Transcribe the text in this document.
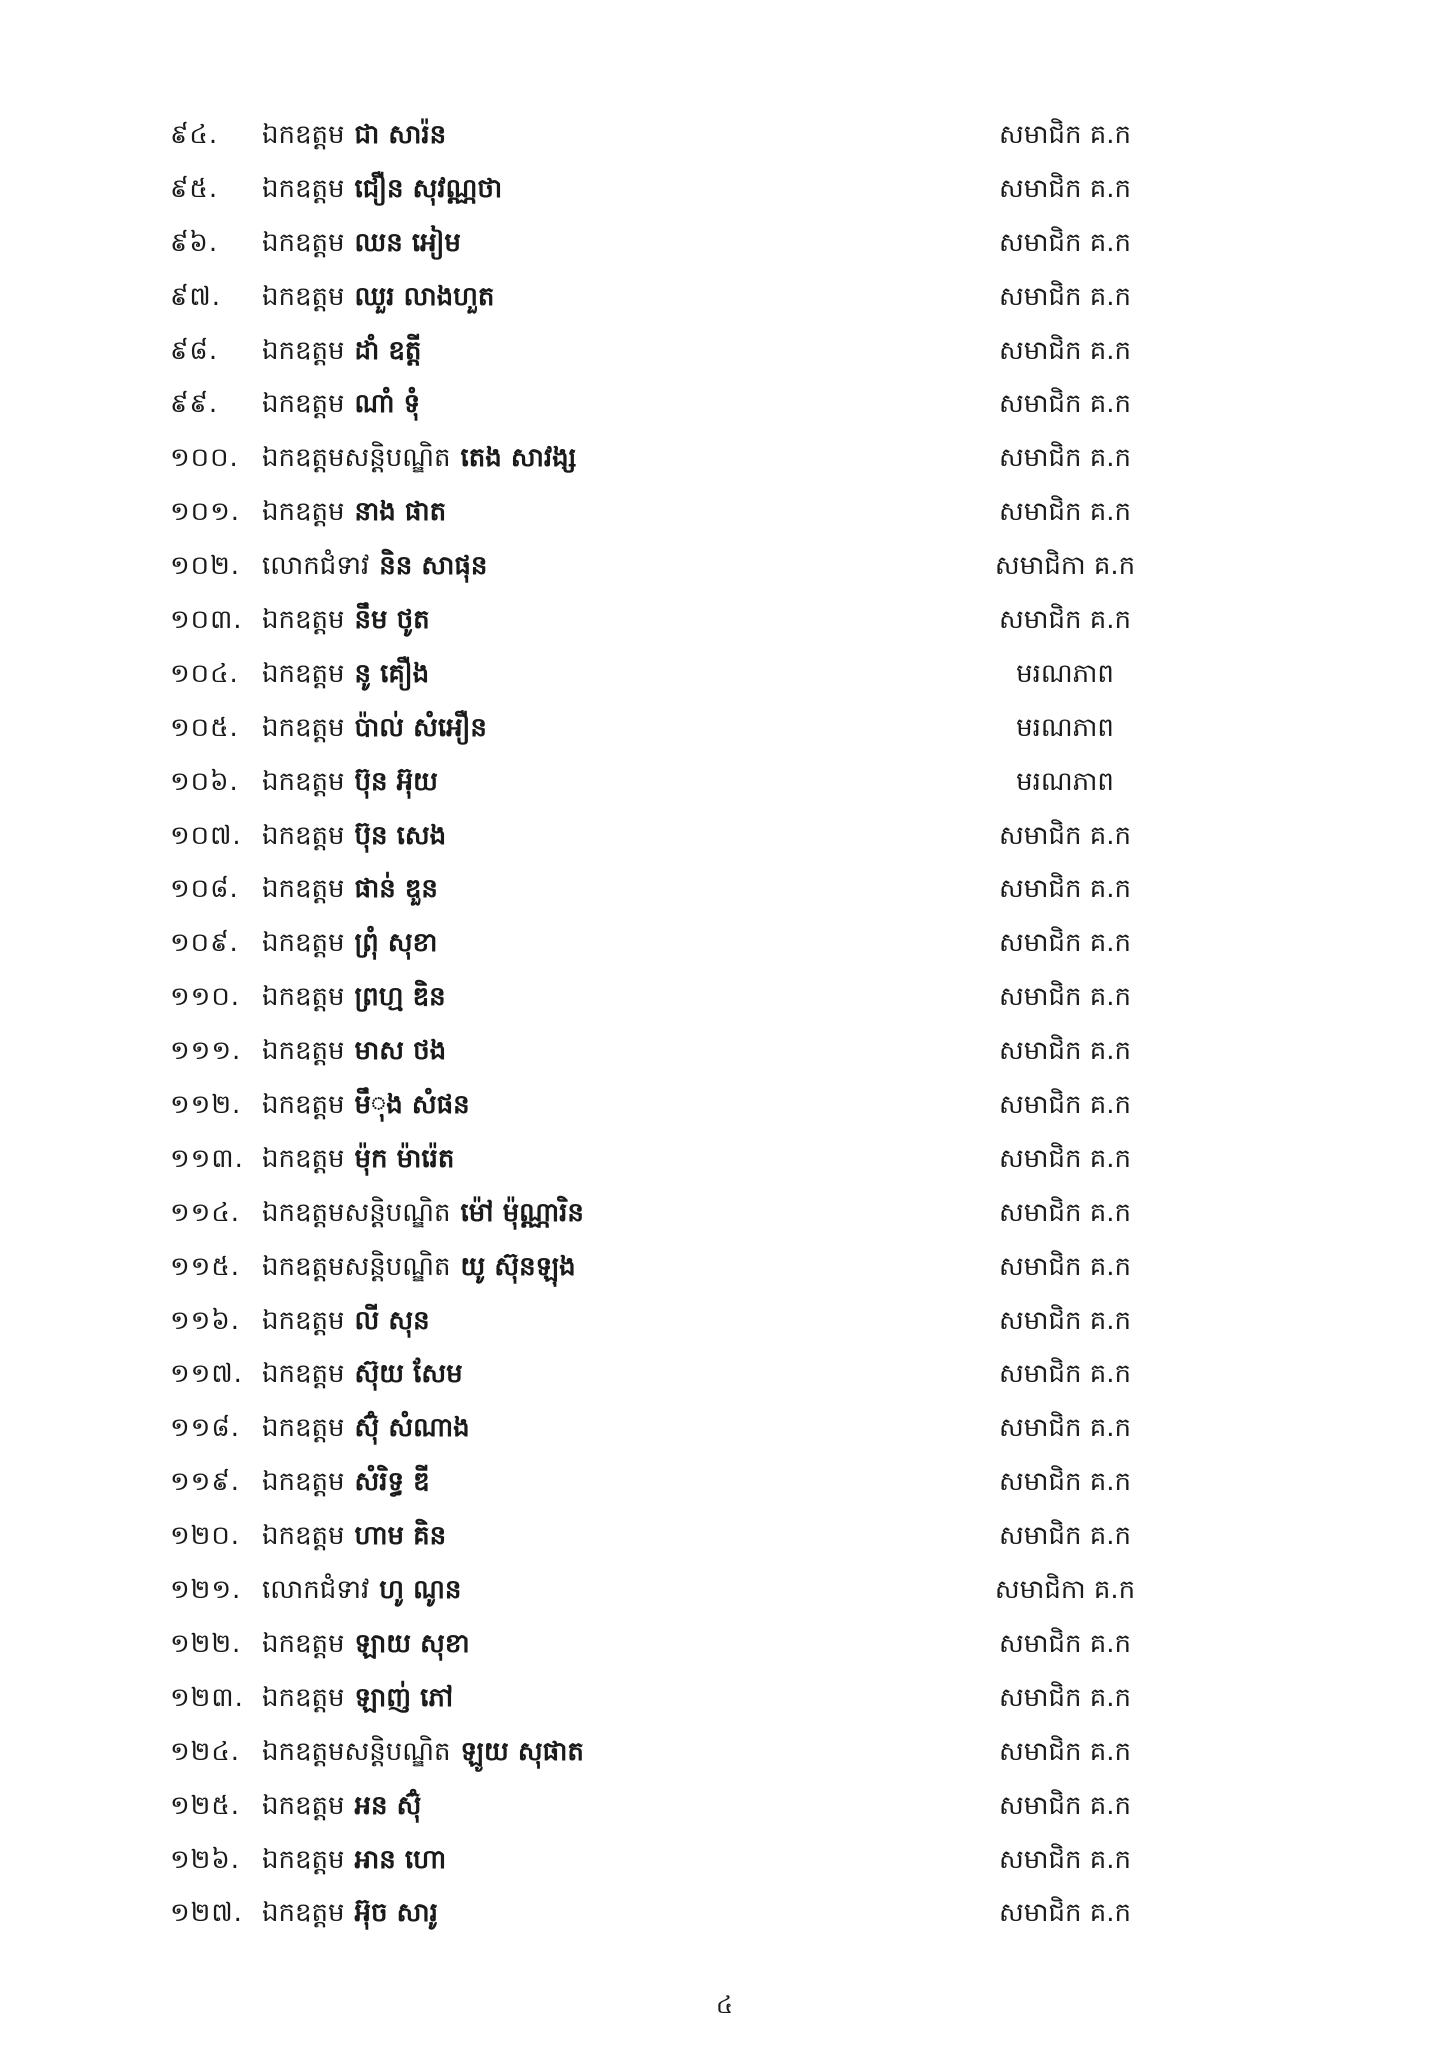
៩៤. ឯកឧត្តម ជា សារ៉ន	សមាជិក គ.ក
៩៥. ឯកឧត្តម ជឿន សុវណ្ណថា	សមាជិក គ.ក
៩៦. ឯកឧត្តម ឈន អៀម	សមាជិក គ.ក
៩៧. ឯកឧត្តម ឈួរ លាងហួត	សមាជិក គ.ក
៩៨. ឯកឧត្តម ដាំ ឧត្តី	សមាជិក គ.ក
៩៩. ឯកឧត្តម ណាំ ទុំ	សមាជិក គ.ក
១០០. ឯកឧត្តមសន្តិបណ្ឌិត តេង សាវង្ស	សមាជិក គ.ក
១០១. ឯកឧត្តម នាង ផាត	សមាជិក គ.ក
១០២. លោកជំទាវ និន សាផុន	សមាជិកា គ.ក
១០៣. ឯកឧត្តម នឹម ថូត	សមាជិក គ.ក
១០៤. ឯកឧត្តម នូ គឿង	មរណភាព
១០៥. ឯកឧត្តម ប៉ាល់ សំអឿន	មរណភាព
១០៦. ឯកឧត្តម ប៊ុន អ៊ុយ	មរណភាព
១០៧. ឯកឧត្តម ប៊ុន សេង	សមាជិក គ.ក
១០៨. ឯកឧត្តម ផាន់ ឌួន	សមាជិក គ.ក
១០៩. ឯកឧត្តម ព្រុំ សុខា	សមាជិក គ.ក
១១០. ឯកឧត្តម ព្រហ្ម ឌិន	សមាជិក គ.ក
១១១. ឯកឧត្តម មាស ថង	សមាជិក គ.ក
១១២. ឯកឧត្តម មឹុង សំផន	សមាជិក គ.ក
១១៣. ឯកឧត្តម ម៉ុក ម៉ារ៉េត	សមាជិក គ.ក
១១៤. ឯកឧត្តមសន្តិបណ្ឌិត ម៉ៅ ម៉ុណ្ណារិន	សមាជិក គ.ក
១១៥. ឯកឧត្តមសន្តិបណ្ឌិត យូ ស៊ុនឡុង	សមាជិក គ.ក
១១៦. ឯកឧត្តម លី សុន	សមាជិក គ.ក
១១៧. ឯកឧត្តម ស៊ុយ សែម	សមាជិក គ.ក
១១៨. ឯកឧត្តម ស៊ុំ សំណាង	សមាជិក គ.ក
១១៩. ឯកឧត្តម សំរិទ្ធ ឌី	សមាជិក គ.ក
១២០. ឯកឧត្តម ហាម គិន	សមាជិក គ.ក
១២១. លោកជំទាវ ហូ ណូន	សមាជិកា គ.ក
១២២. ឯកឧត្តម ឡាយ សុខា	សមាជិក គ.ក
១២៣. ឯកឧត្តម ឡាញ់ ភៅ	សមាជិក គ.ក
១២៤. ឯកឧត្តមសន្តិបណ្ឌិត ឡូយ សុផាត	សមាជិក គ.ក
១២៥. ឯកឧត្តម អន ស៊ុំ	សមាជិក គ.ក
១២៦. ឯកឧត្តម អាន ហោ	សមាជិក គ.ក
១២៧. ឯកឧត្តម អ៊ុច សារូ	សមាជិក គ.ក
៤
